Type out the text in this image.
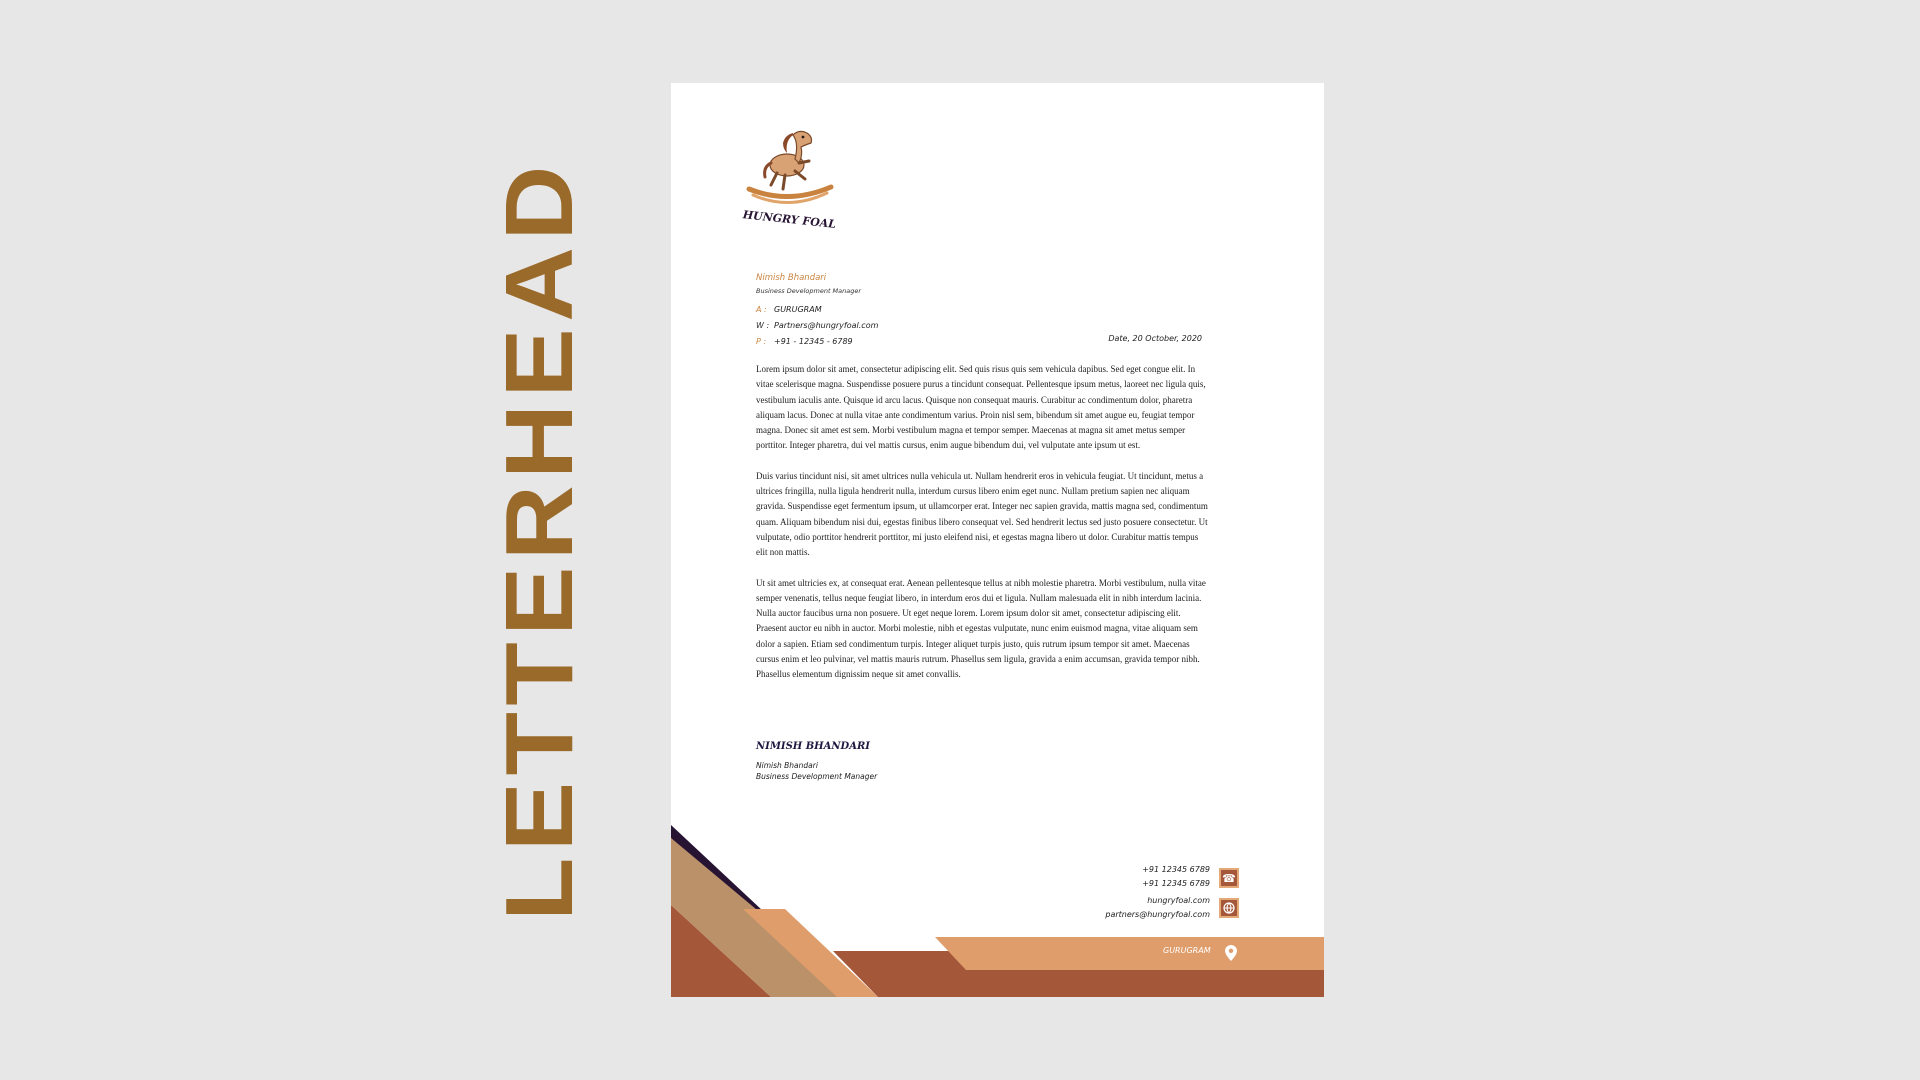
LETTERHEAD	HUNGRY FOAL
Nimish Bhandari
Business Development Manager
A : GURUGRAM
W : Partners@hungryfoal.com
P : +91 - 12345 - 6789	Date, 20 October, 2020

Lorem ipsum dolor sit amet, consectetur adipiscing elit. Sed quis risus quis sem vehicula dapibus. Sed eget congue elit. In vitae scelerisque magna. Suspendisse posuere purus a tincidunt consequat. Pellentesque ipsum metus, laoreet nec ligula quis, vestibulum iaculis ante. Quisque id arcu lacus. Quisque non consequat mauris. Curabitur ac condimentum dolor, pharetra aliquam lacus. Donec at nulla vitae ante condimentum varius. Proin nisl sem, bibendum sit amet augue eu, feugiat tempor magna. Donec sit amet est sem. Morbi vestibulum magna et tempor semper. Maecenas at magna sit amet metus semper porttitor. Integer pharetra, dui vel mattis cursus, enim augue bibendum dui, vel vulputate ante ipsum ut est.

Duis varius tincidunt nisi, sit amet ultrices nulla vehicula ut. Nullam hendrerit eros in vehicula feugiat. Ut tincidunt, metus a ultrices fringilla, nulla ligula hendrerit nulla, interdum cursus libero enim eget nunc. Nullam pretium sapien nec aliquam gravida. Suspendisse eget fermentum ipsum, ut ullamcorper erat. Integer nec sapien gravida, mattis magna sed, condimentum quam. Aliquam bibendum nisi dui, egestas finibus libero consequat vel. Sed hendrerit lectus sed justo posuere consectetur. Ut vulputate, odio porttitor hendrerit porttitor, mi justo eleifend nisi, et egestas magna libero ut dolor. Curabitur mattis tempus elit non mattis.

Ut sit amet ultricies ex, at consequat erat. Aenean pellentesque tellus at nibh molestie pharetra. Morbi vestibulum, nulla vitae semper venenatis, tellus neque feugiat libero, in interdum eros dui et ligula. Nullam malesuada elit in nibh interdum lacinia. Nulla auctor faucibus urna non posuere. Ut eget neque lorem. Lorem ipsum dolor sit amet, consectetur adipiscing elit. Praesent auctor eu nibh in auctor. Morbi molestie, nibh et egestas vulputate, nunc enim euismod magna, vitae aliquam sem dolor a sapien. Etiam sed condimentum turpis. Integer aliquet turpis justo, quis rutrum ipsum tempor sit amet. Maecenas cursus enim et leo pulvinar, vel mattis mauris rutrum. Phasellus sem ligula, gravida a enim accumsan, gravida tempor nibh. Phasellus elementum dignissim neque sit amet convallis.

NIMISH BHANDARI
Nimish Bhandari
Business Development Manager
+91 12345 6789
+91 12345 6789
hungryfoal.com
partners@hungryfoal.com
☎
GURUGRAM
